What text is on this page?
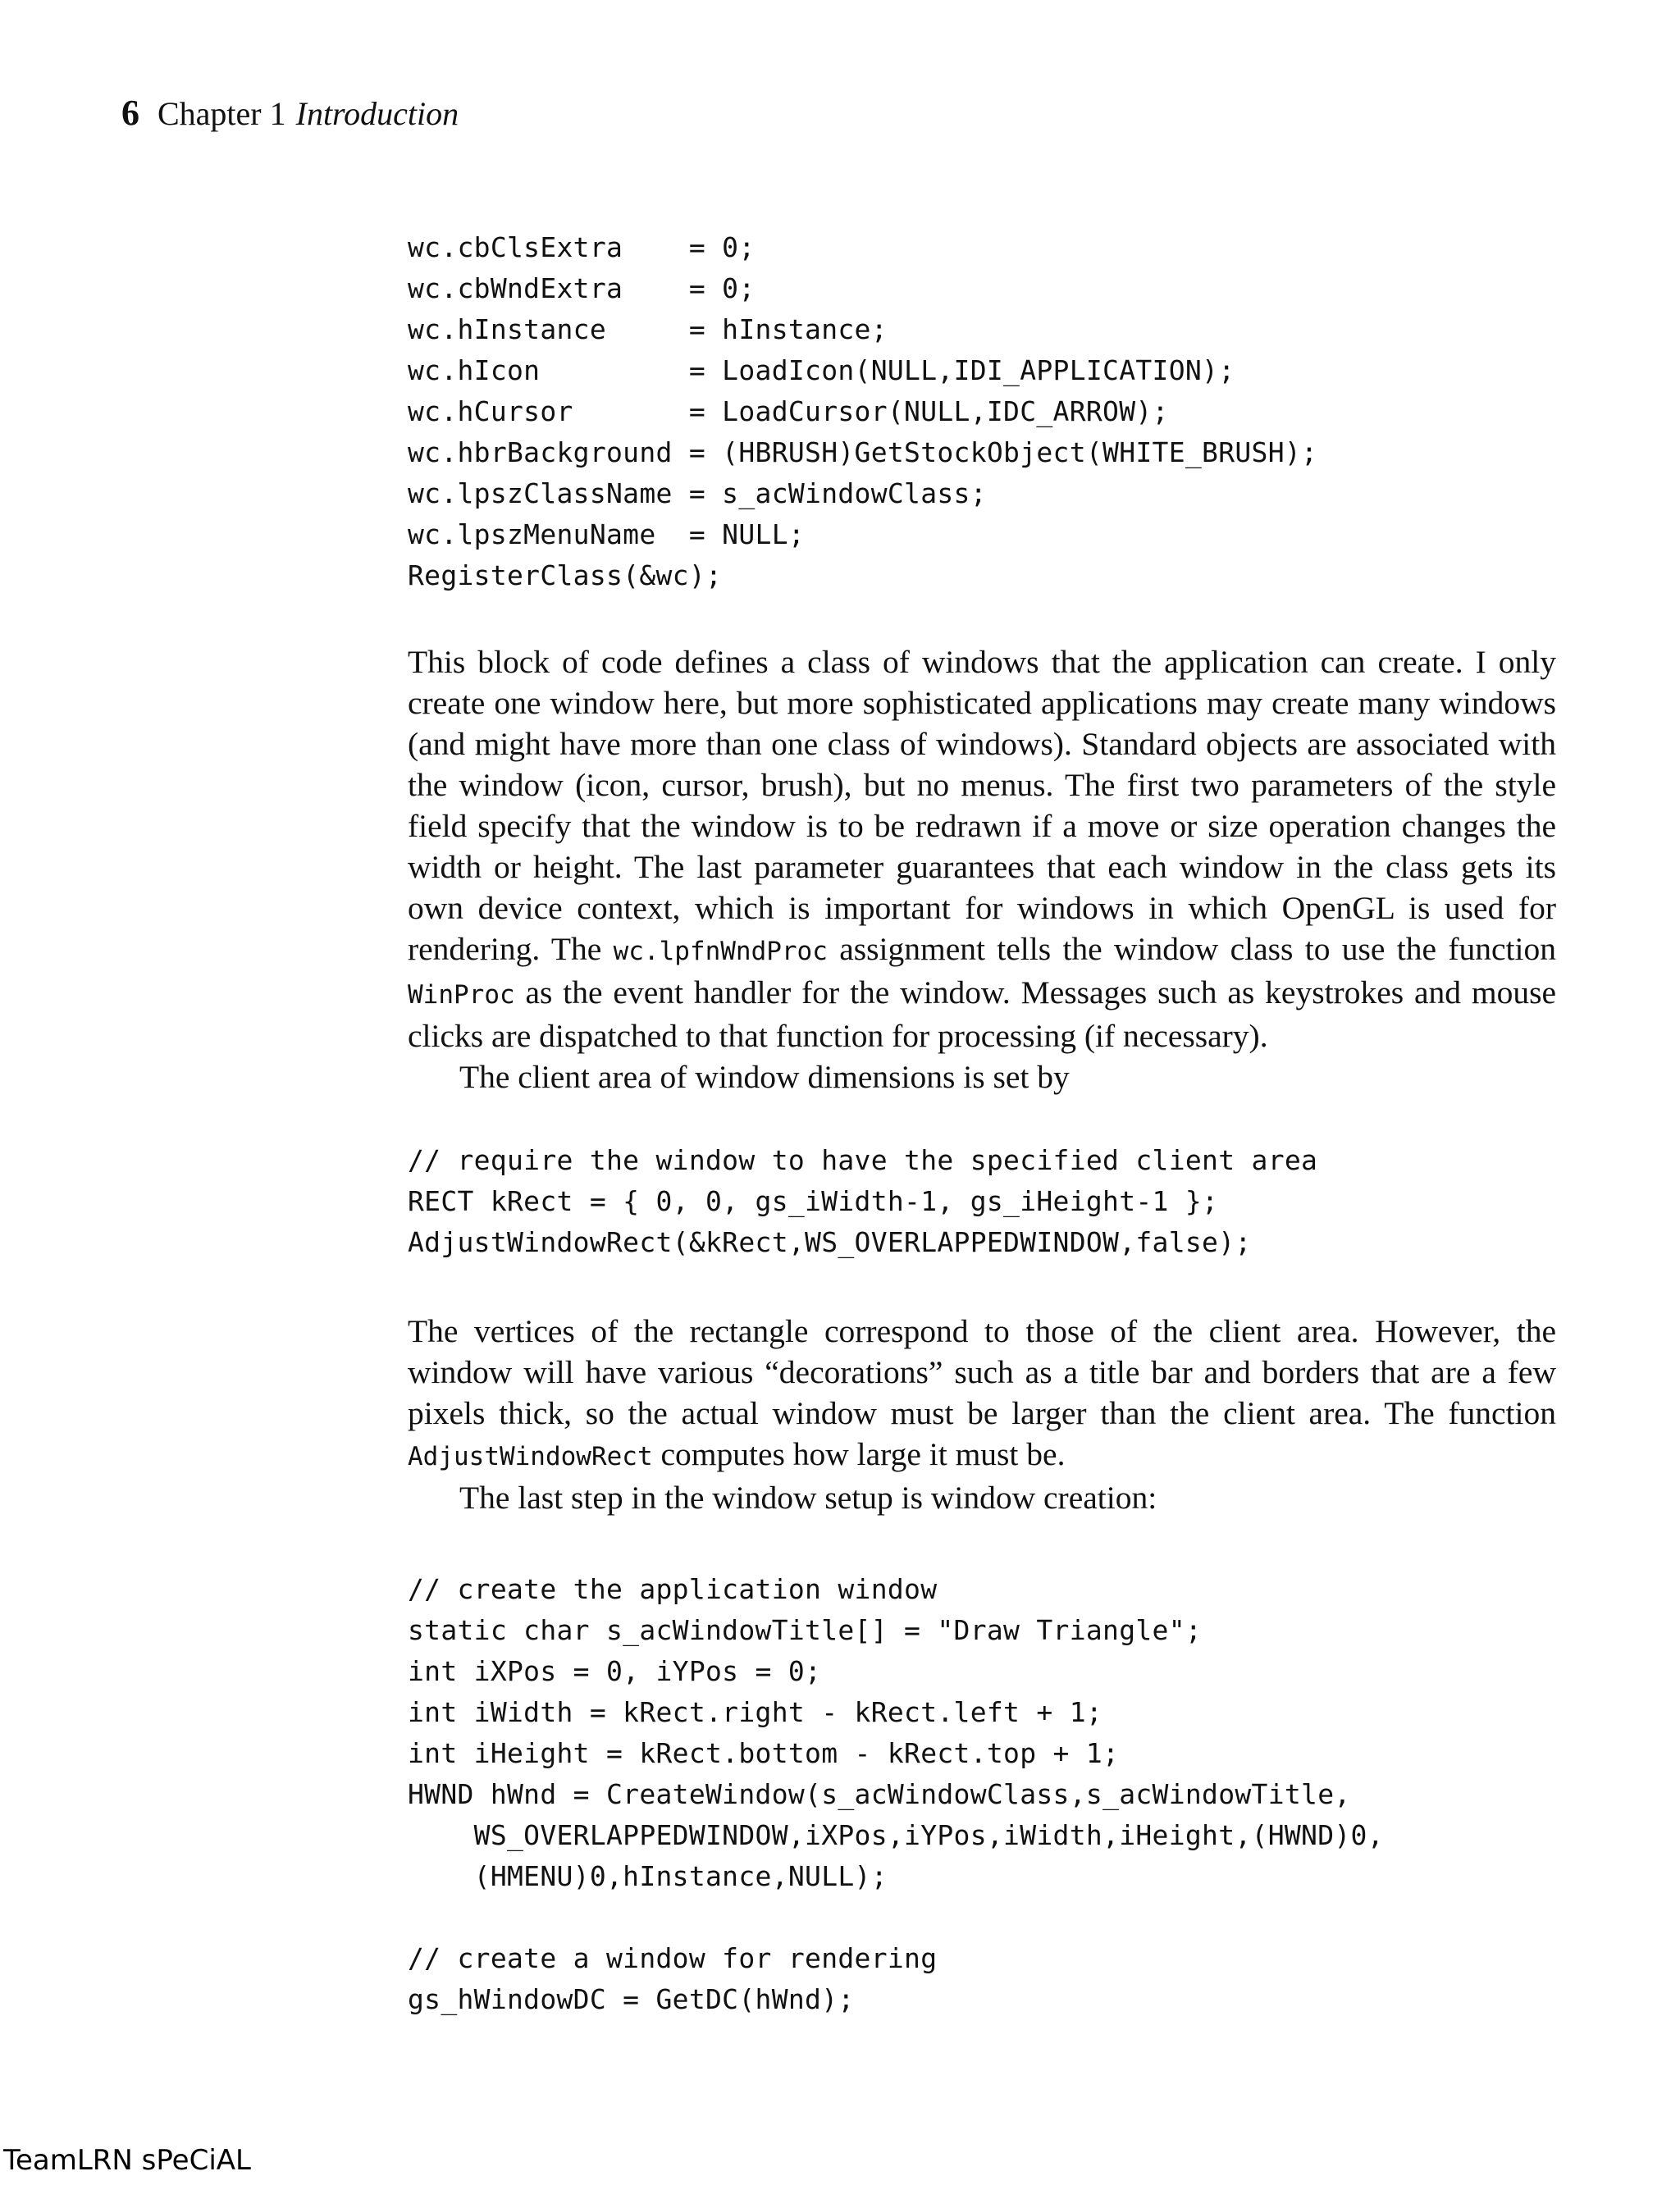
6 Chapter 1 Introduction
wc.cbClsExtra    = 0;
wc.cbWndExtra    = 0;
wc.hInstance     = hInstance;
wc.hIcon         = LoadIcon(NULL,IDI_APPLICATION);
wc.hCursor       = LoadCursor(NULL,IDC_ARROW);
wc.hbrBackground = (HBRUSH)GetStockObject(WHITE_BRUSH);
wc.lpszClassName = s_acWindowClass;
wc.lpszMenuName  = NULL;
RegisterClass(&wc);

This block of code defines a class of windows that the application can create. I only create one window here, but more sophisticated applications may create many windows (and might have more than one class of windows). Standard objects are associated with the window (icon, cursor, brush), but no menus. The first two parameters of the style field specify that the window is to be redrawn if a move or size operation changes the width or height. The last parameter guarantees that each window in the class gets its own device context, which is important for windows in which OpenGL is used for rendering. The wc.lpfnWndProc assignment tells the window class to use the function WinProc as the event handler for the window. Messages such as keystrokes and mouse clicks are dispatched to that function for processing (if necessary).

The client area of window dimensions is set by

// require the window to have the specified client area
RECT kRect = { 0, 0, gs_iWidth-1, gs_iHeight-1 };
AdjustWindowRect(&kRect,WS_OVERLAPPEDWINDOW,false);

The vertices of the rectangle correspond to those of the client area. However, the window will have various “decorations” such as a title bar and borders that are a few pixels thick, so the actual window must be larger than the client area. The function AdjustWindowRect computes how large it must be.

The last step in the window setup is window creation:

// create the application window
static char s_acWindowTitle[] = "Draw Triangle";
int iXPos = 0, iYPos = 0;
int iWidth = kRect.right - kRect.left + 1;
int iHeight = kRect.bottom - kRect.top + 1;
HWND hWnd = CreateWindow(s_acWindowClass,s_acWindowTitle,
WS_OVERLAPPEDWINDOW,iXPos,iYPos,iWidth,iHeight,(HWND)0,
(HMENU)0,hInstance,NULL);

// create a window for rendering
gs_hWindowDC = GetDC(hWnd);
TeamLRN sPeCiAL
